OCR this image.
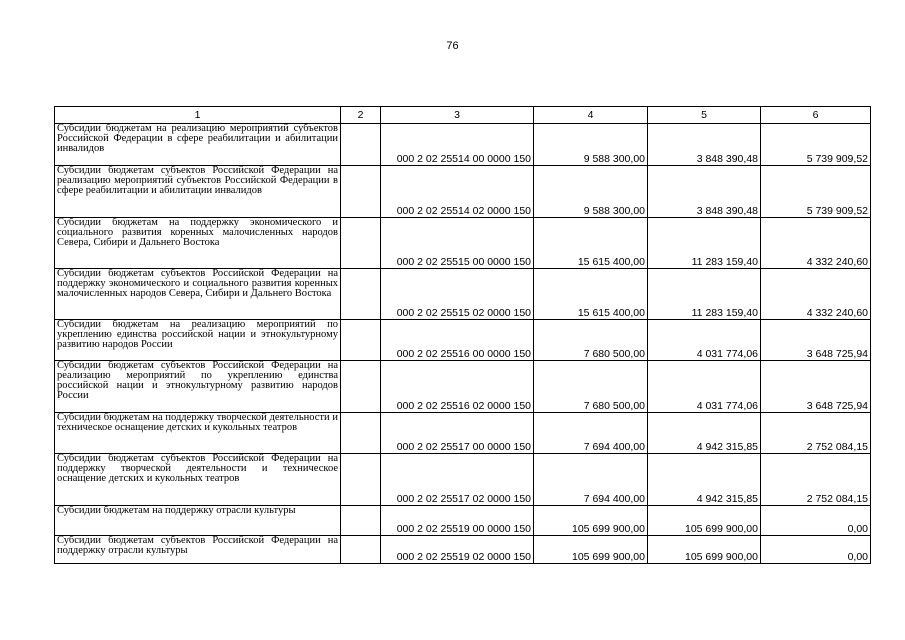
76
1	2	3	4	5	6
Субсидии бюджетам на реализацию мероприятий субъектов Российской Федерации в сфере реабилитации и абилитации инвалидов		000 2 02 25514 00 0000 150	9 588 300,00	3 848 390,48	5 739 909,52
Субсидии бюджетам субъектов Российской Федерации на реализацию мероприятий субъектов Российской Федерации в сфере реабилитации и абилитации инвалидов		000 2 02 25514 02 0000 150	9 588 300,00	3 848 390,48	5 739 909,52
Субсидии бюджетам на поддержку экономического и социального развития коренных малочисленных народов Севера, Сибири и Дальнего Востока		000 2 02 25515 00 0000 150	15 615 400,00	11 283 159,40	4 332 240,60
Субсидии бюджетам субъектов Российской Федерации на поддержку экономического и социального развития коренных малочисленных народов Севера, Сибири и Дальнего Востока		000 2 02 25515 02 0000 150	15 615 400,00	11 283 159,40	4 332 240,60
Субсидии бюджетам на реализацию мероприятий по укреплению единства российской нации и этнокультурному развитию народов России		000 2 02 25516 00 0000 150	7 680 500,00	4 031 774,06	3 648 725,94
Субсидии бюджетам субъектов Российской Федерации на реализацию мероприятий по укреплению единства российской нации и этнокультурному развитию народов России		000 2 02 25516 02 0000 150	7 680 500,00	4 031 774,06	3 648 725,94
Субсидии бюджетам на поддержку творческой деятельности и техническое оснащение детских и кукольных театров		000 2 02 25517 00 0000 150	7 694 400,00	4 942 315,85	2 752 084,15
Субсидии бюджетам субъектов Российской Федерации на поддержку творческой деятельности и техническое оснащение детских и кукольных театров		000 2 02 25517 02 0000 150	7 694 400,00	4 942 315,85	2 752 084,15
Субсидии бюджетам на поддержку отрасли культуры		000 2 02 25519 00 0000 150	105 699 900,00	105 699 900,00	0,00
Субсидии бюджетам субъектов Российской Федерации на поддержку отрасли культуры		000 2 02 25519 02 0000 150	105 699 900,00	105 699 900,00	0,00
